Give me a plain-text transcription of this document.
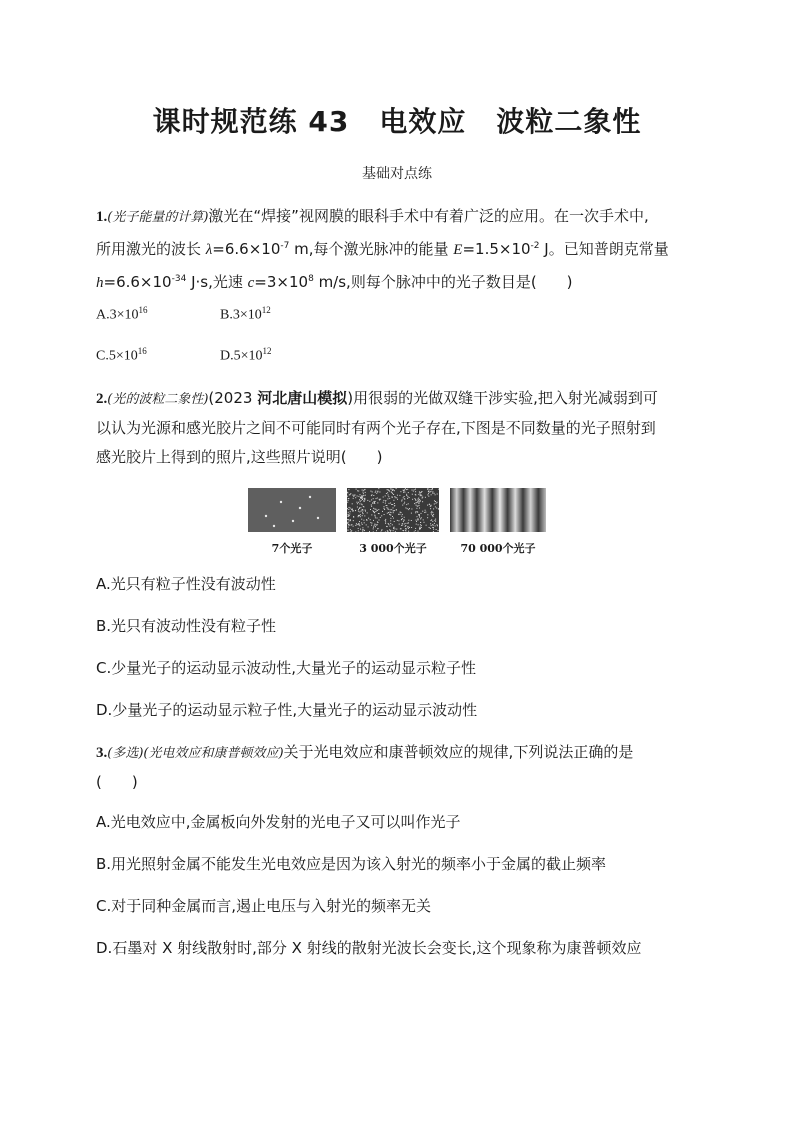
课时规范练 43 电效应 波粒二象性
基础对点练
1.(光子能量的计算)激光在“焊接”视网膜的眼科手术中有着广泛的应用。在一次手术中,
所用激光的波长 $\lambda=6.6\times 10^{-7}$ m,每个激光脉冲的能量 $E=1.5\times 10^{-2}$ J。已知普朗克常量
$h=6.6\times 10^{-34}$ J·s,光速 $c=3\times 10^8$ m/s,则每个脉冲中的光子数目是(　　)
$A.3\times 10^{16}$	$B.3\times 10^{12}$
$C.5\times 10^{16}$	$D.5\times 10^{12}$
2.(光的波粒二象性)(2023 河北唐山模拟)用很弱的光做双缝干涉实验,把入射光减弱到可
以认为光源和感光胶片之间不可能同时有两个光子存在,下图是不同数量的光子照射到
感光胶片上得到的照片,这些照片说明(　　)
7个光子	3 000个光子	70 000个光子
A.光只有粒子性没有波动性
B.光只有波动性没有粒子性
C.少量光子的运动显示波动性,大量光子的运动显示粒子性
D.少量光子的运动显示粒子性,大量光子的运动显示波动性
3.(多选)(光电效应和康普顿效应)关于光电效应和康普顿效应的规律,下列说法正确的是
(　　)
A.光电效应中,金属板向外发射的光电子又可以叫作光子
B.用光照射金属不能发生光电效应是因为该入射光的频率小于金属的截止频率
C.对于同种金属而言,遏止电压与入射光的频率无关
D.石墨对 X 射线散射时,部分 X 射线的散射光波长会变长,这个现象称为康普顿效应
